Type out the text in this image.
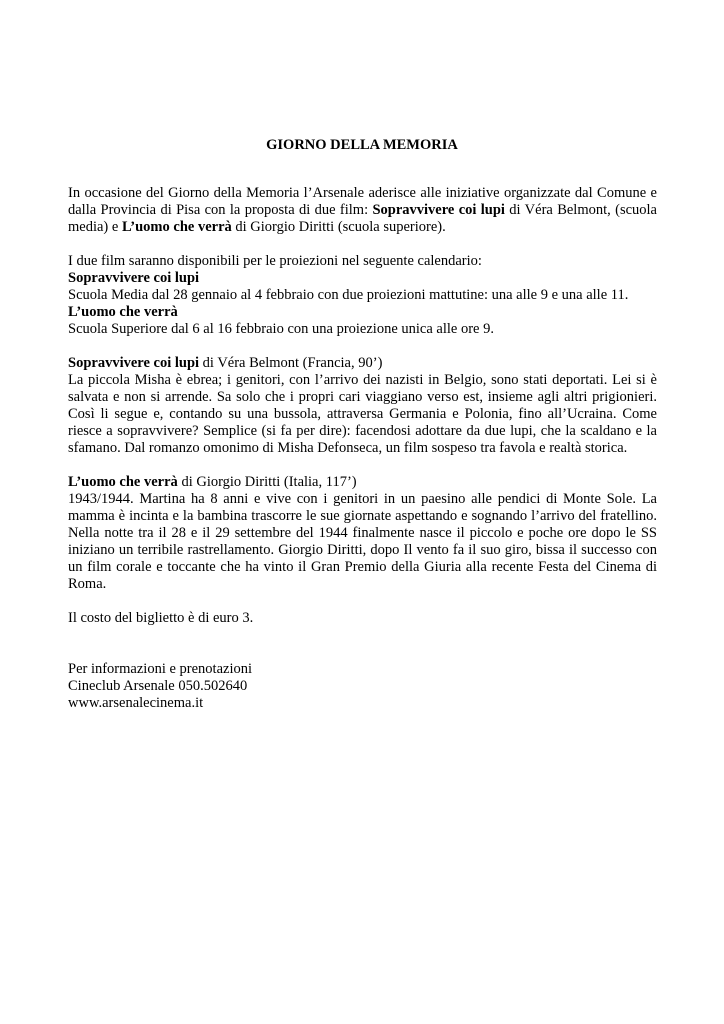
GIORNO DELLA MEMORIA

In occasione del Giorno della Memoria l’Arsenale aderisce alle iniziative organizzate dal Comune e dalla Provincia di Pisa con la proposta di due film: Sopravvivere coi lupi di Véra Belmont, (scuola media) e L’uomo che verrà di Giorgio Diritti (scuola superiore).

I due film saranno disponibili per le proiezioni nel seguente calendario:
Sopravvivere coi lupi
Scuola Media dal 28 gennaio al 4 febbraio con due proiezioni mattutine: una alle 9 e una alle 11.
L’uomo che verrà
Scuola Superiore dal 6 al 16 febbraio con una proiezione unica alle ore 9.

Sopravvivere coi lupi di Véra Belmont (Francia, 90’)
La piccola Misha è ebrea; i genitori, con l’arrivo dei nazisti in Belgio, sono stati deportati. Lei si è salvata e non si arrende. Sa solo che i propri cari viaggiano verso est, insieme agli altri prigionieri. Così li segue e, contando su una bussola, attraversa Germania e Polonia, fino all’Ucraina. Come riesce a sopravvivere? Semplice (si fa per dire): facendosi adottare da due lupi, che la scaldano e la sfamano. Dal romanzo omonimo di Misha Defonseca, un film sospeso tra favola e realtà storica.

L’uomo che verrà di Giorgio Diritti (Italia, 117’)
1943/1944. Martina ha 8 anni e vive con i genitori in un paesino alle pendici di Monte Sole. La mamma è incinta e la bambina trascorre le sue giornate aspettando e sognando l’arrivo del fratellino. Nella notte tra il 28 e il 29 settembre del 1944 finalmente nasce il piccolo e poche ore dopo le SS iniziano un terribile rastrellamento. Giorgio Diritti, dopo Il vento fa il suo giro, bissa il successo con un film corale e toccante che ha vinto il Gran Premio della Giuria alla recente Festa del Cinema di Roma.

Il costo del biglietto è di euro 3.

Per informazioni e prenotazioni
Cineclub Arsenale 050.502640
www.arsenalecinema.it
